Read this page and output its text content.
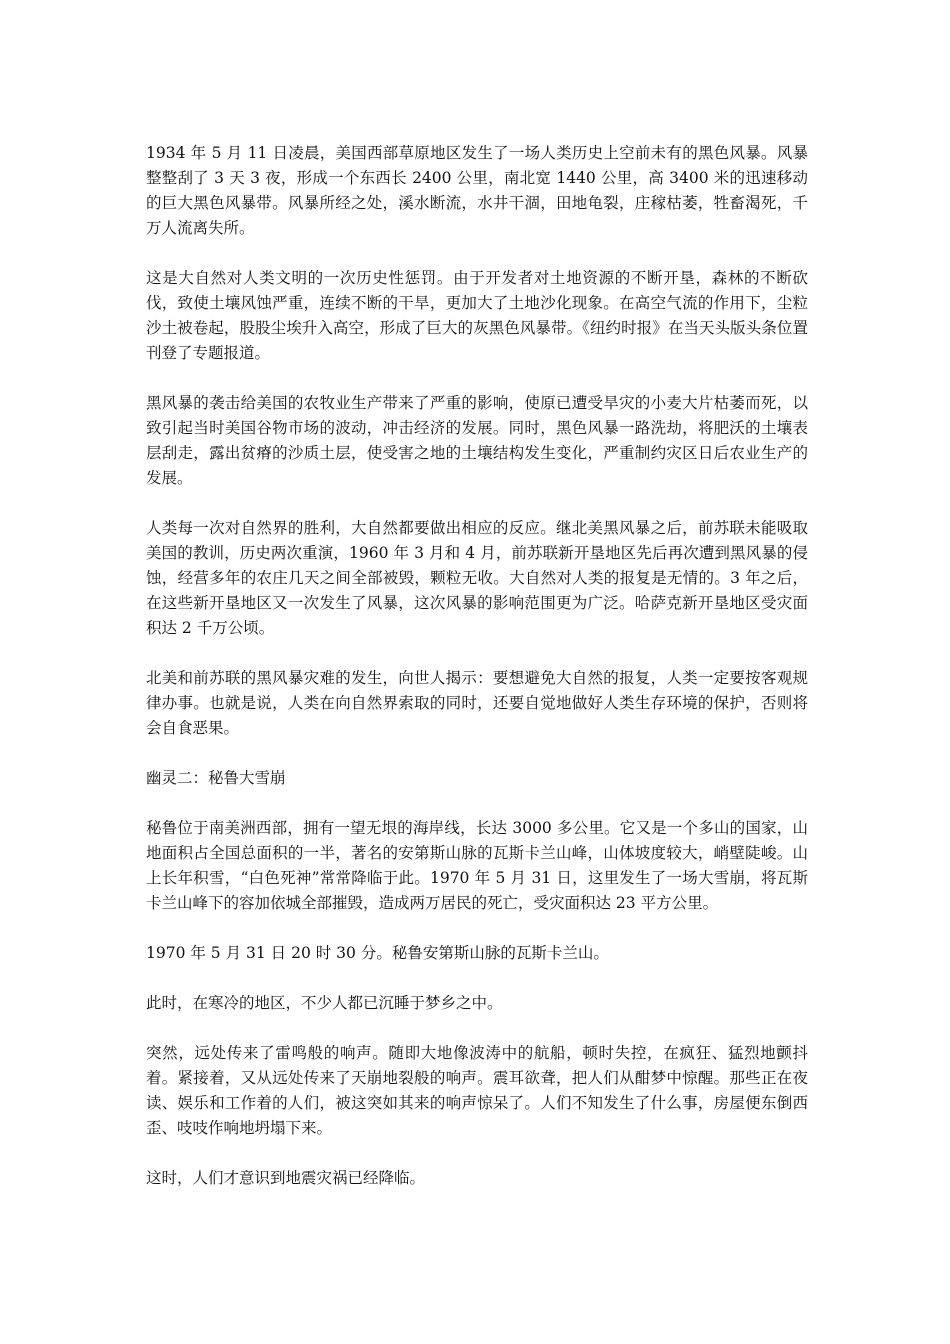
1934 年 5 月 11 日凌晨，美国西部草原地区发生了一场人类历史上空前未有的黑色风暴。风暴整整刮了 3 天 3 夜，形成一个东西长 2400 公里，南北宽 1440 公里，高 3400 米的迅速移动的巨大黑色风暴带。风暴所经之处，溪水断流，水井干涸，田地龟裂，庄稼枯萎，牲畜渴死，千万人流离失所。

这是大自然对人类文明的一次历史性惩罚。由于开发者对土地资源的不断开垦，森林的不断砍伐，致使土壤风蚀严重，连续不断的干旱，更加大了土地沙化现象。在高空气流的作用下，尘粒沙土被卷起，股股尘埃升入高空，形成了巨大的灰黑色风暴带。《纽约时报》在当天头版头条位置刊登了专题报道。

黑风暴的袭击给美国的农牧业生产带来了严重的影响，使原已遭受旱灾的小麦大片枯萎而死，以致引起当时美国谷物市场的波动，冲击经济的发展。同时，黑色风暴一路洗劫，将肥沃的土壤表层刮走，露出贫瘠的沙质土层，使受害之地的土壤结构发生变化，严重制约灾区日后农业生产的发展。

人类每一次对自然界的胜利，大自然都要做出相应的反应。继北美黑风暴之后，前苏联未能吸取美国的教训，历史两次重演，1960 年 3 月和 4 月，前苏联新开垦地区先后再次遭到黑风暴的侵蚀，经营多年的农庄几天之间全部被毁，颗粒无收。大自然对人类的报复是无情的。3 年之后，在这些新开垦地区又一次发生了风暴，这次风暴的影响范围更为广泛。哈萨克新开垦地区受灾面积达 2 千万公顷。

北美和前苏联的黑风暴灾难的发生，向世人揭示：要想避免大自然的报复，人类一定要按客观规律办事。也就是说，人类在向自然界索取的同时，还要自觉地做好人类生存环境的保护，否则将会自食恶果。

幽灵二：秘鲁大雪崩

秘鲁位于南美洲西部，拥有一望无垠的海岸线，长达 3000 多公里。它又是一个多山的国家，山地面积占全国总面积的一半，著名的安第斯山脉的瓦斯卡兰山峰，山体坡度较大，峭壁陡峻。山上长年积雪，“白色死神”常常降临于此。1970 年 5 月 31 日，这里发生了一场大雪崩，将瓦斯卡兰山峰下的容加依城全部摧毁，造成两万居民的死亡，受灾面积达 23 平方公里。

1970 年 5 月 31 日 20 时 30 分。秘鲁安第斯山脉的瓦斯卡兰山。

此时，在寒冷的地区，不少人都已沉睡于梦乡之中。

突然，远处传来了雷鸣般的响声。随即大地像波涛中的航船，顿时失控，在疯狂、猛烈地颤抖着。紧接着，又从远处传来了天崩地裂般的响声。震耳欲聋，把人们从酣梦中惊醒。那些正在夜读、娱乐和工作着的人们，被这突如其来的响声惊呆了。人们不知发生了什么事，房屋便东倒西歪、吱吱作响地坍塌下来。

这时，人们才意识到地震灾祸已经降临。
